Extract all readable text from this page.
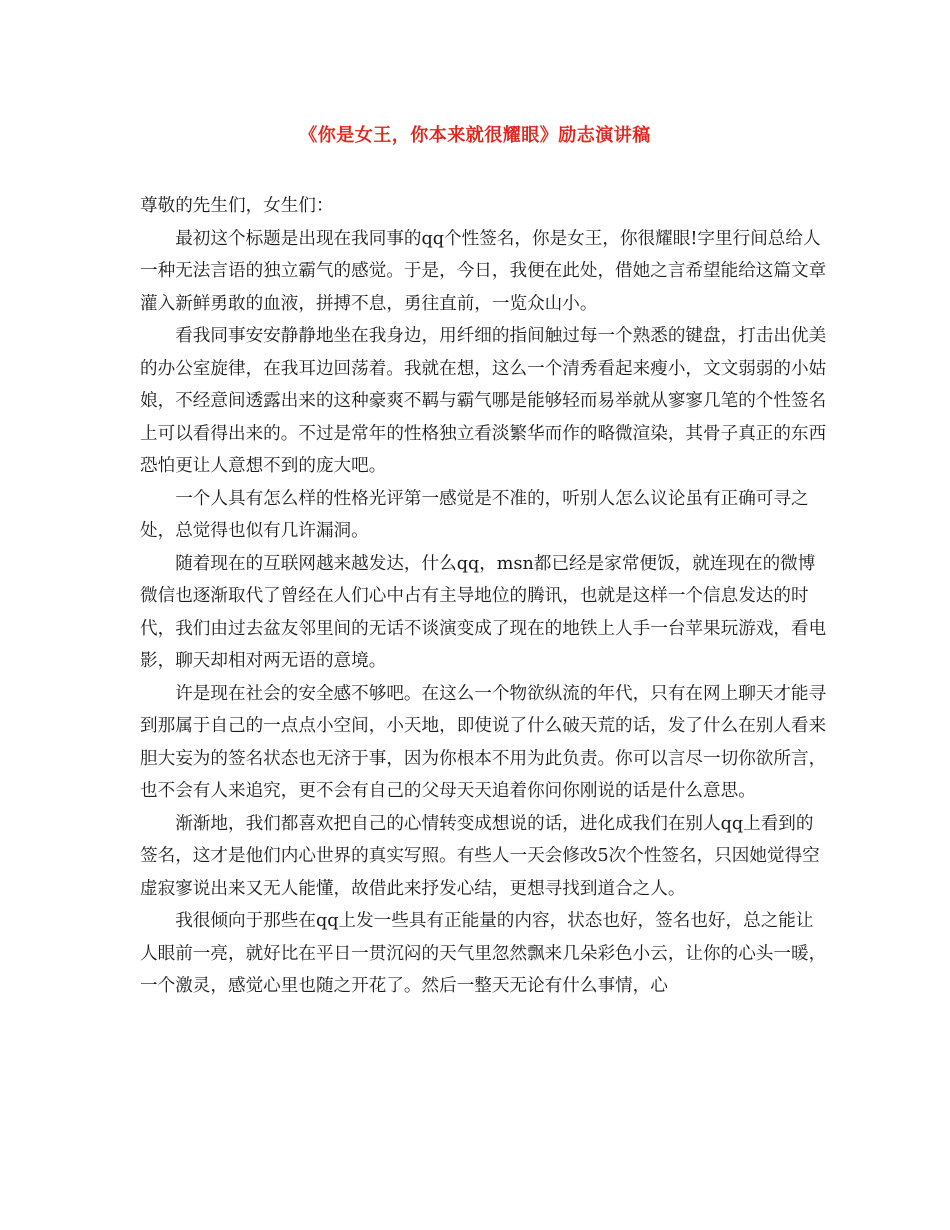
《你是女王，你本来就很耀眼》励志演讲稿

尊敬的先生们，女生们：

最初这个标题是出现在我同事的qq个性签名，你是女王，你很耀眼!字里行间总给人一种无法言语的独立霸气的感觉。于是，今日，我便在此处，借她之言希望能给这篇文章灌入新鲜勇敢的血液，拼搏不息，勇往直前，一览众山小。

看我同事安安静静地坐在我身边，用纤细的指间触过每一个熟悉的键盘，打击出优美的办公室旋律，在我耳边回荡着。我就在想，这么一个清秀看起来瘦小，文文弱弱的小姑娘，不经意间透露出来的这种豪爽不羁与霸气哪是能够轻而易举就从寥寥几笔的个性签名上可以看得出来的。不过是常年的性格独立看淡繁华而作的略微渲染，其骨子真正的东西恐怕更让人意想不到的庞大吧。

一个人具有怎么样的性格光评第一感觉是不准的，听别人怎么议论虽有正确可寻之处，总觉得也似有几许漏洞。

随着现在的互联网越来越发达，什么qq，msn都已经是家常便饭，就连现在的微博微信也逐渐取代了曾经在人们心中占有主导地位的腾讯，也就是这样一个信息发达的时代，我们由过去盆友邻里间的无话不谈演变成了现在的地铁上人手一台苹果玩游戏，看电影，聊天却相对两无语的意境。

许是现在社会的安全感不够吧。在这么一个物欲纵流的年代，只有在网上聊天才能寻到那属于自己的一点点小空间，小天地，即使说了什么破天荒的话，发了什么在别人看来胆大妄为的签名状态也无济于事，因为你根本不用为此负责。你可以言尽一切你欲所言，也不会有人来追究，更不会有自己的父母天天追着你问你刚说的话是什么意思。

渐渐地，我们都喜欢把自己的心情转变成想说的话，进化成我们在别人qq上看到的签名，这才是他们内心世界的真实写照。有些人一天会修改5次个性签名，只因她觉得空虚寂寥说出来又无人能懂，故借此来抒发心结，更想寻找到道合之人。

我很倾向于那些在qq上发一些具有正能量的内容，状态也好，签名也好，总之能让人眼前一亮，就好比在平日一贯沉闷的天气里忽然飘来几朵彩色小云，让你的心头一暖，一个激灵，感觉心里也随之开花了。然后一整天无论有什么事情，心
